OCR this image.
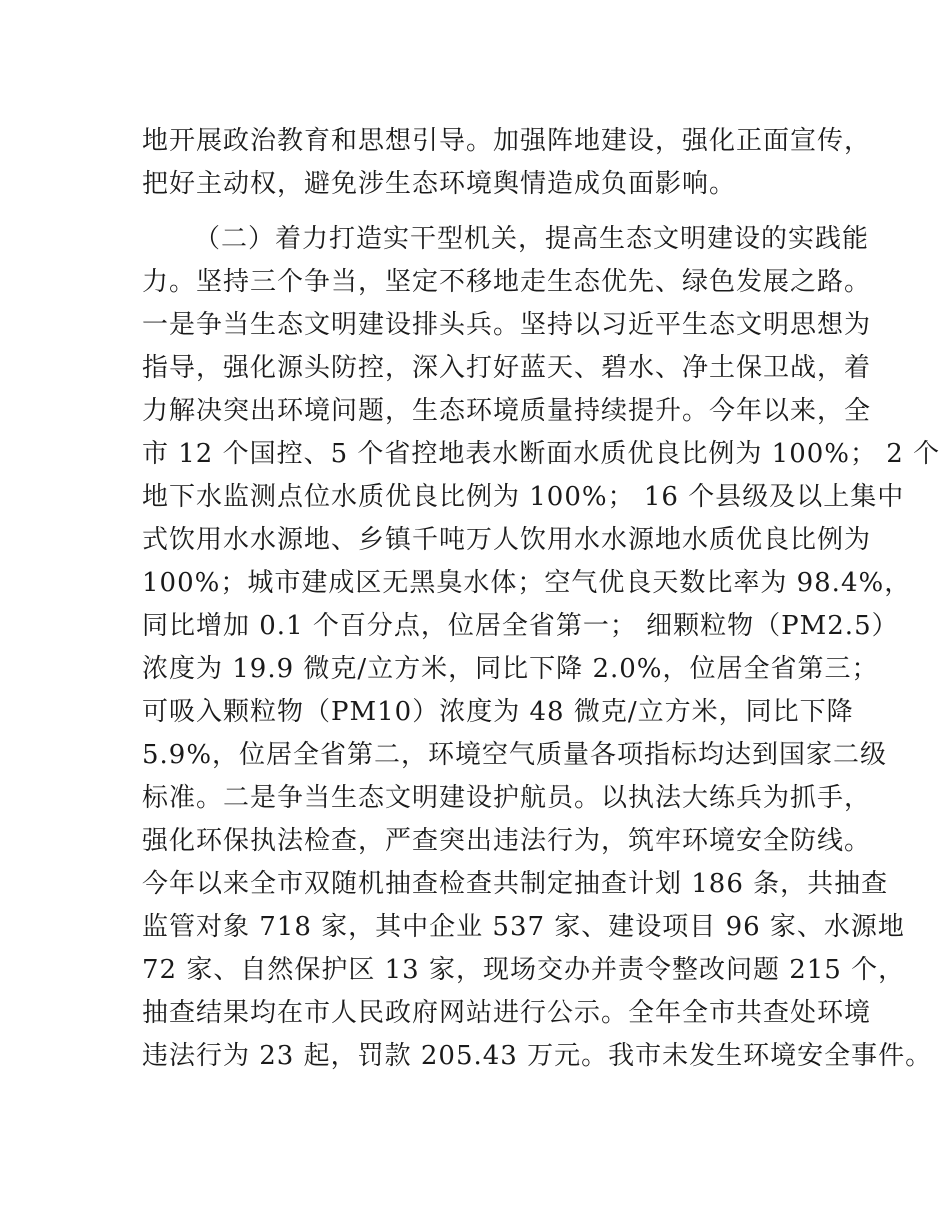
地开展政治教育和思想引导。加强阵地建设，强化正面宣传，
把好主动权，避免涉生态环境舆情造成负面影响。
（二）着力打造实干型机关，提高生态文明建设的实践能
力。坚持三个争当，坚定不移地走生态优先、绿色发展之路。
一是争当生态文明建设排头兵。坚持以习近平生态文明思想为
指导，强化源头防控，深入打好蓝天、碧水、净土保卫战，着
力解决突出环境问题，生态环境质量持续提升。今年以来，全
市 12 个国控、5 个省控地表水断面水质优良比例为 100%； 2 个
地下水监测点位水质优良比例为 100%； 16 个县级及以上集中
式饮用水水源地、乡镇千吨万人饮用水水源地水质优良比例为
100%；城市建成区无黑臭水体；空气优良天数比率为 98.4%，
同比增加 0.1 个百分点，位居全省第一； 细颗粒物（PM2.5）
浓度为 19.9 微克/立方米，同比下降 2.0%，位居全省第三；
可吸入颗粒物（PM10）浓度为 48 微克/立方米，同比下降
5.9%，位居全省第二，环境空气质量各项指标均达到国家二级
标准。二是争当生态文明建设护航员。以执法大练兵为抓手，
强化环保执法检查，严查突出违法行为，筑牢环境安全防线。
今年以来全市双随机抽查检查共制定抽查计划 186 条，共抽查
监管对象 718 家，其中企业 537 家、建设项目 96 家、水源地
72 家、自然保护区 13 家，现场交办并责令整改问题 215 个，
抽查结果均在市人民政府网站进行公示。全年全市共查处环境
违法行为 23 起，罚款 205.43 万元。我市未发生环境安全事件。
